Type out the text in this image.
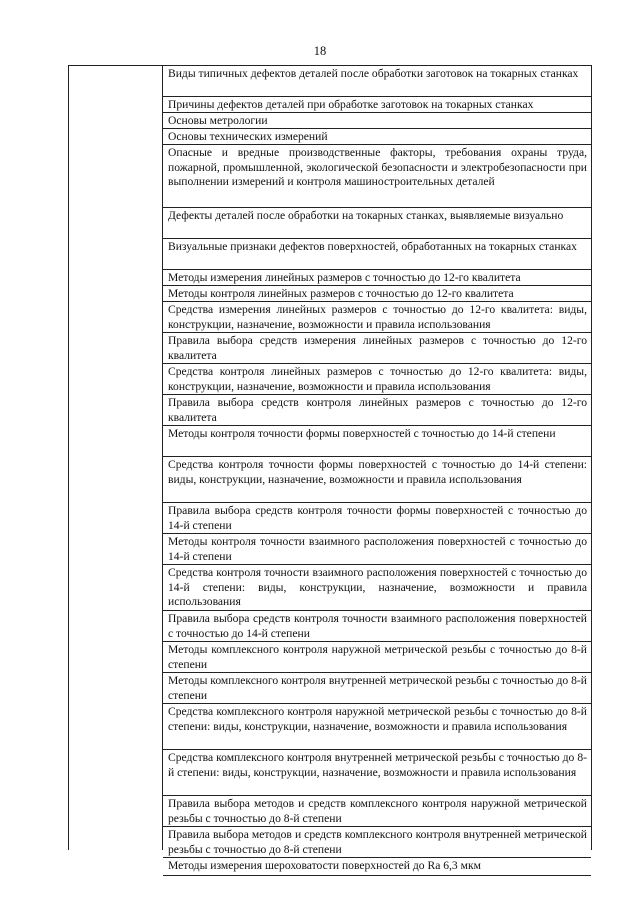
18
Виды типичных дефектов деталей после обработки заготовок на токарных станках
Причины дефектов деталей при обработке заготовок на токарных станках
Основы метрологии
Основы технических измерений
Опасные и вредные производственные факторы, требования охраны труда, пожарной, промышленной, экологической безопасности и электробезопасности при выполнении измерений и контроля машиностроительных деталей
Дефекты деталей после обработки на токарных станках, выявляемые визуально
Визуальные признаки дефектов поверхностей, обработанных на токарных станках
Методы измерения линейных размеров с точностью до 12-го квалитета
Методы контроля линейных размеров с точностью до 12-го квалитета
Средства измерения линейных размеров с точностью до 12-го квалитета: виды, конструкции, назначение, возможности и правила использования
Правила выбора средств измерения линейных размеров с точностью до 12-го квалитета
Средства контроля линейных размеров с точностью до 12-го квалитета: виды, конструкции, назначение, возможности и правила использования
Правила выбора средств контроля линейных размеров с точностью до 12-го квалитета
Методы контроля точности формы поверхностей с точностью до 14-й степени
Средства контроля точности формы поверхностей с точностью до 14-й степени: виды, конструкции, назначение, возможности и правила использования
Правила выбора средств контроля точности формы поверхностей с точностью до 14-й степени
Методы контроля точности взаимного расположения поверхностей с точностью до 14-й степени
Средства контроля точности взаимного расположения поверхностей с точностью до 14-й степени: виды, конструкции, назначение, возможности и правила использования
Правила выбора средств контроля точности взаимного расположения поверхностей с точностью до 14-й степени
Методы комплексного контроля наружной метрической резьбы с точностью до 8-й степени
Методы комплексного контроля внутренней метрической резьбы с точностью до 8-й степени
Средства комплексного контроля наружной метрической резьбы с точностью до 8-й степени: виды, конструкции, назначение, возможности и правила использования
Средства комплексного контроля внутренней метрической резьбы с точностью до 8-й степени: виды, конструкции, назначение, возможности и правила использования
Правила выбора методов и средств комплексного контроля наружной метрической резьбы с точностью до 8-й степени
Правила выбора методов и средств комплексного контроля внутренней метрической резьбы с точностью до 8-й степени
Методы измерения шероховатости поверхностей до Ra 6,3 мкм
